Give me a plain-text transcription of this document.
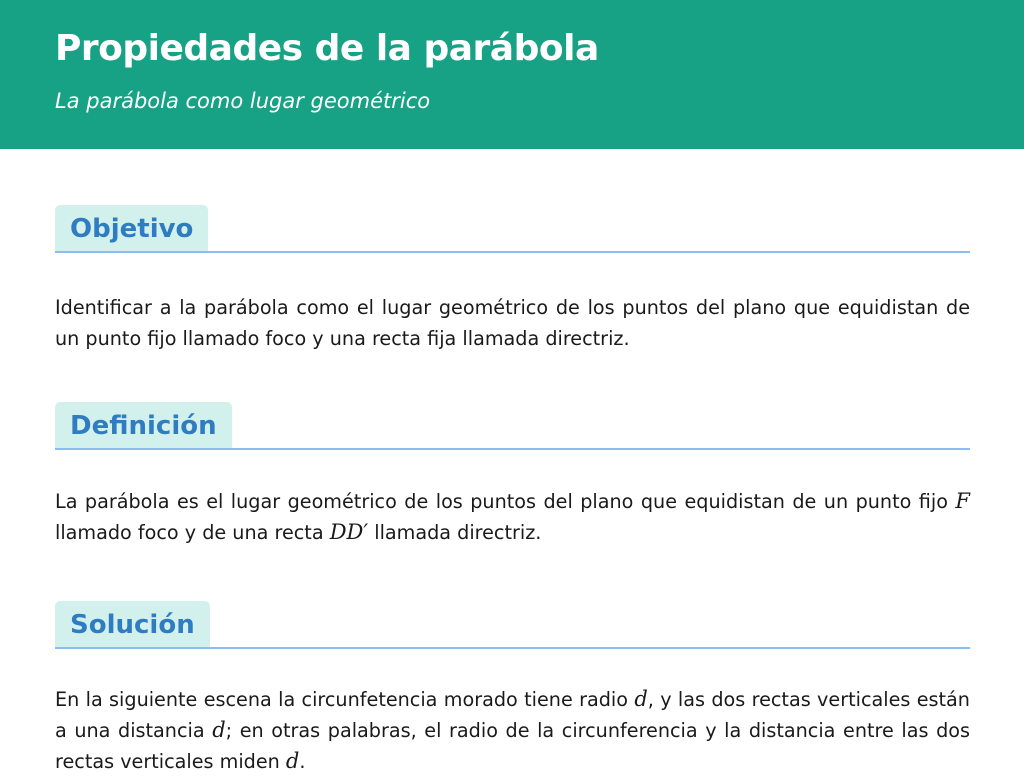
Propiedades de la parábola

La parábola como lugar geométrico

Objetivo

Identificar a la parábola como el lugar geométrico de los puntos del plano que equidistan de un punto fijo llamado foco y una recta fija llamada directriz.

Definición

La parábola es el lugar geométrico de los puntos del plano que equidistan de un punto fijo F llamado foco y de una recta DD′ llamada directriz.

Solución

En la siguiente escena la circunfetencia morado tiene radio d, y las dos rectas verticales están a una distancia d; en otras palabras, el radio de la circunferencia y la distancia entre las dos rectas verticales miden d.
